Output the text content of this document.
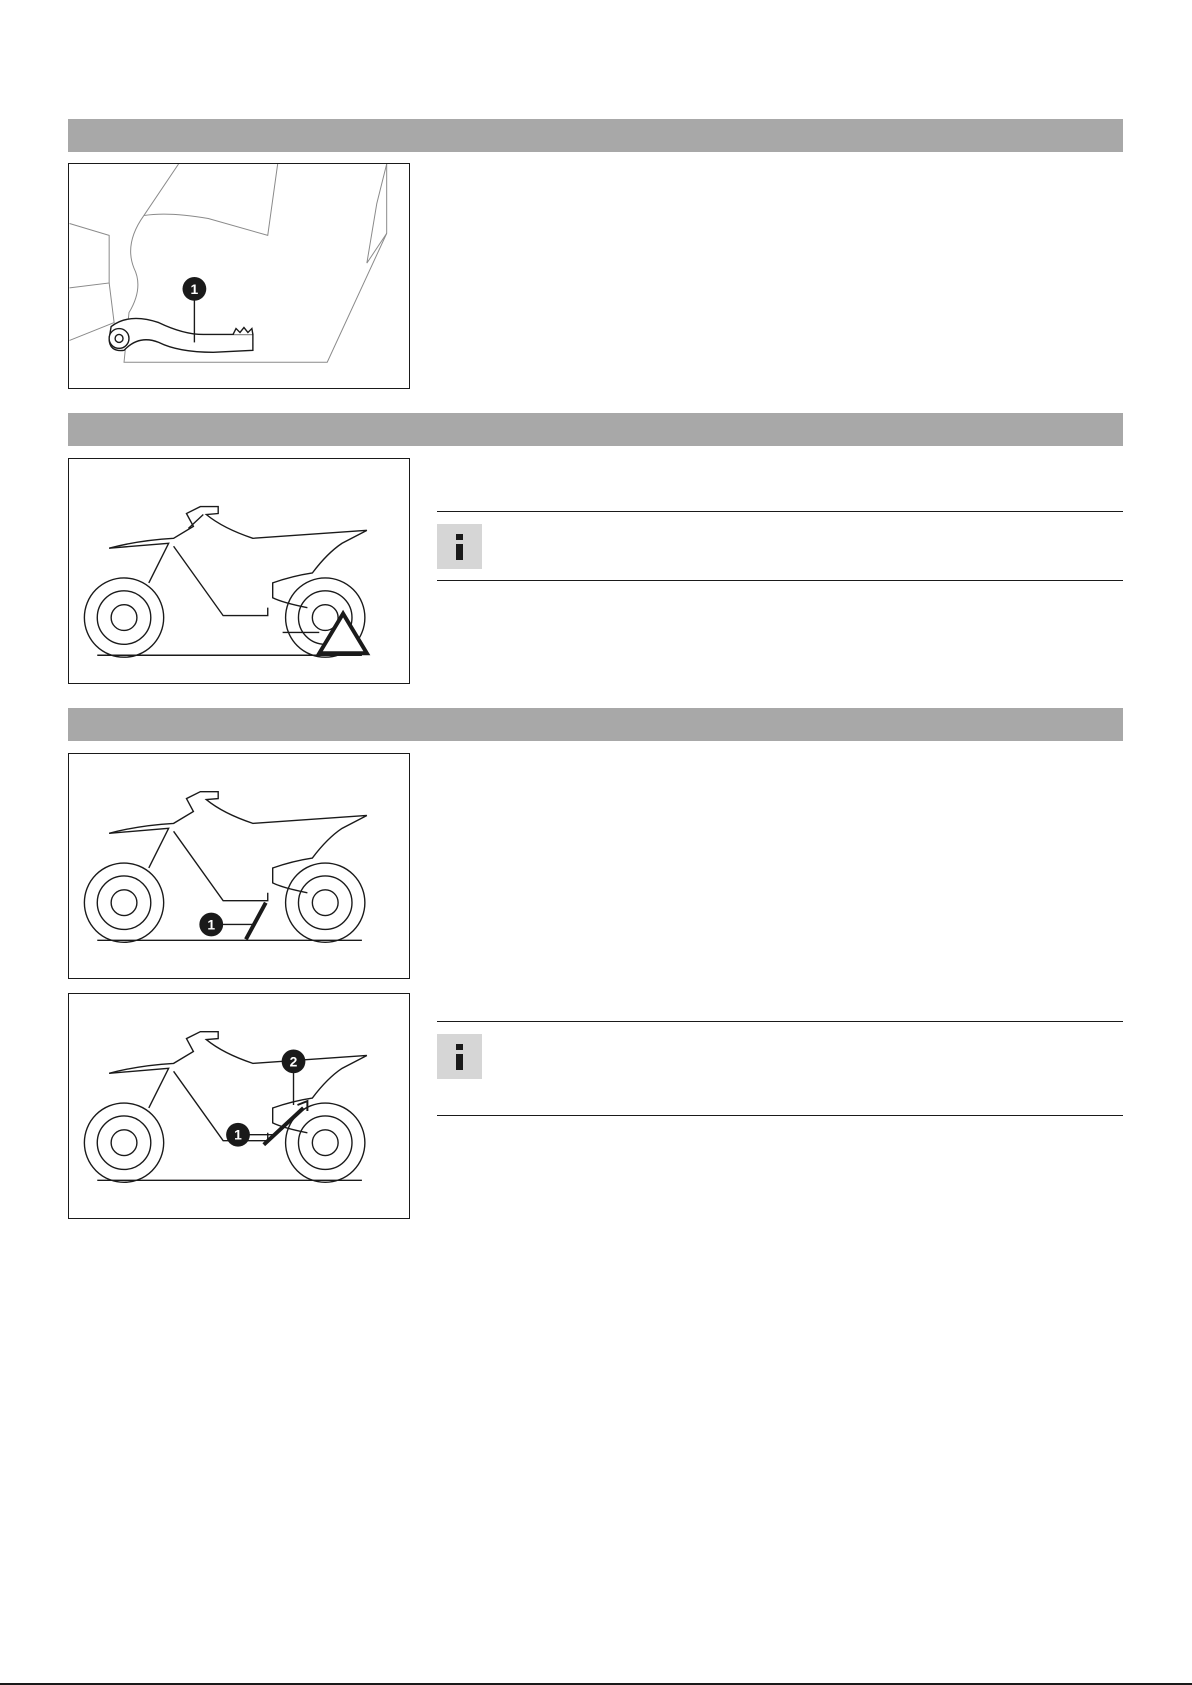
1
1
2
1
